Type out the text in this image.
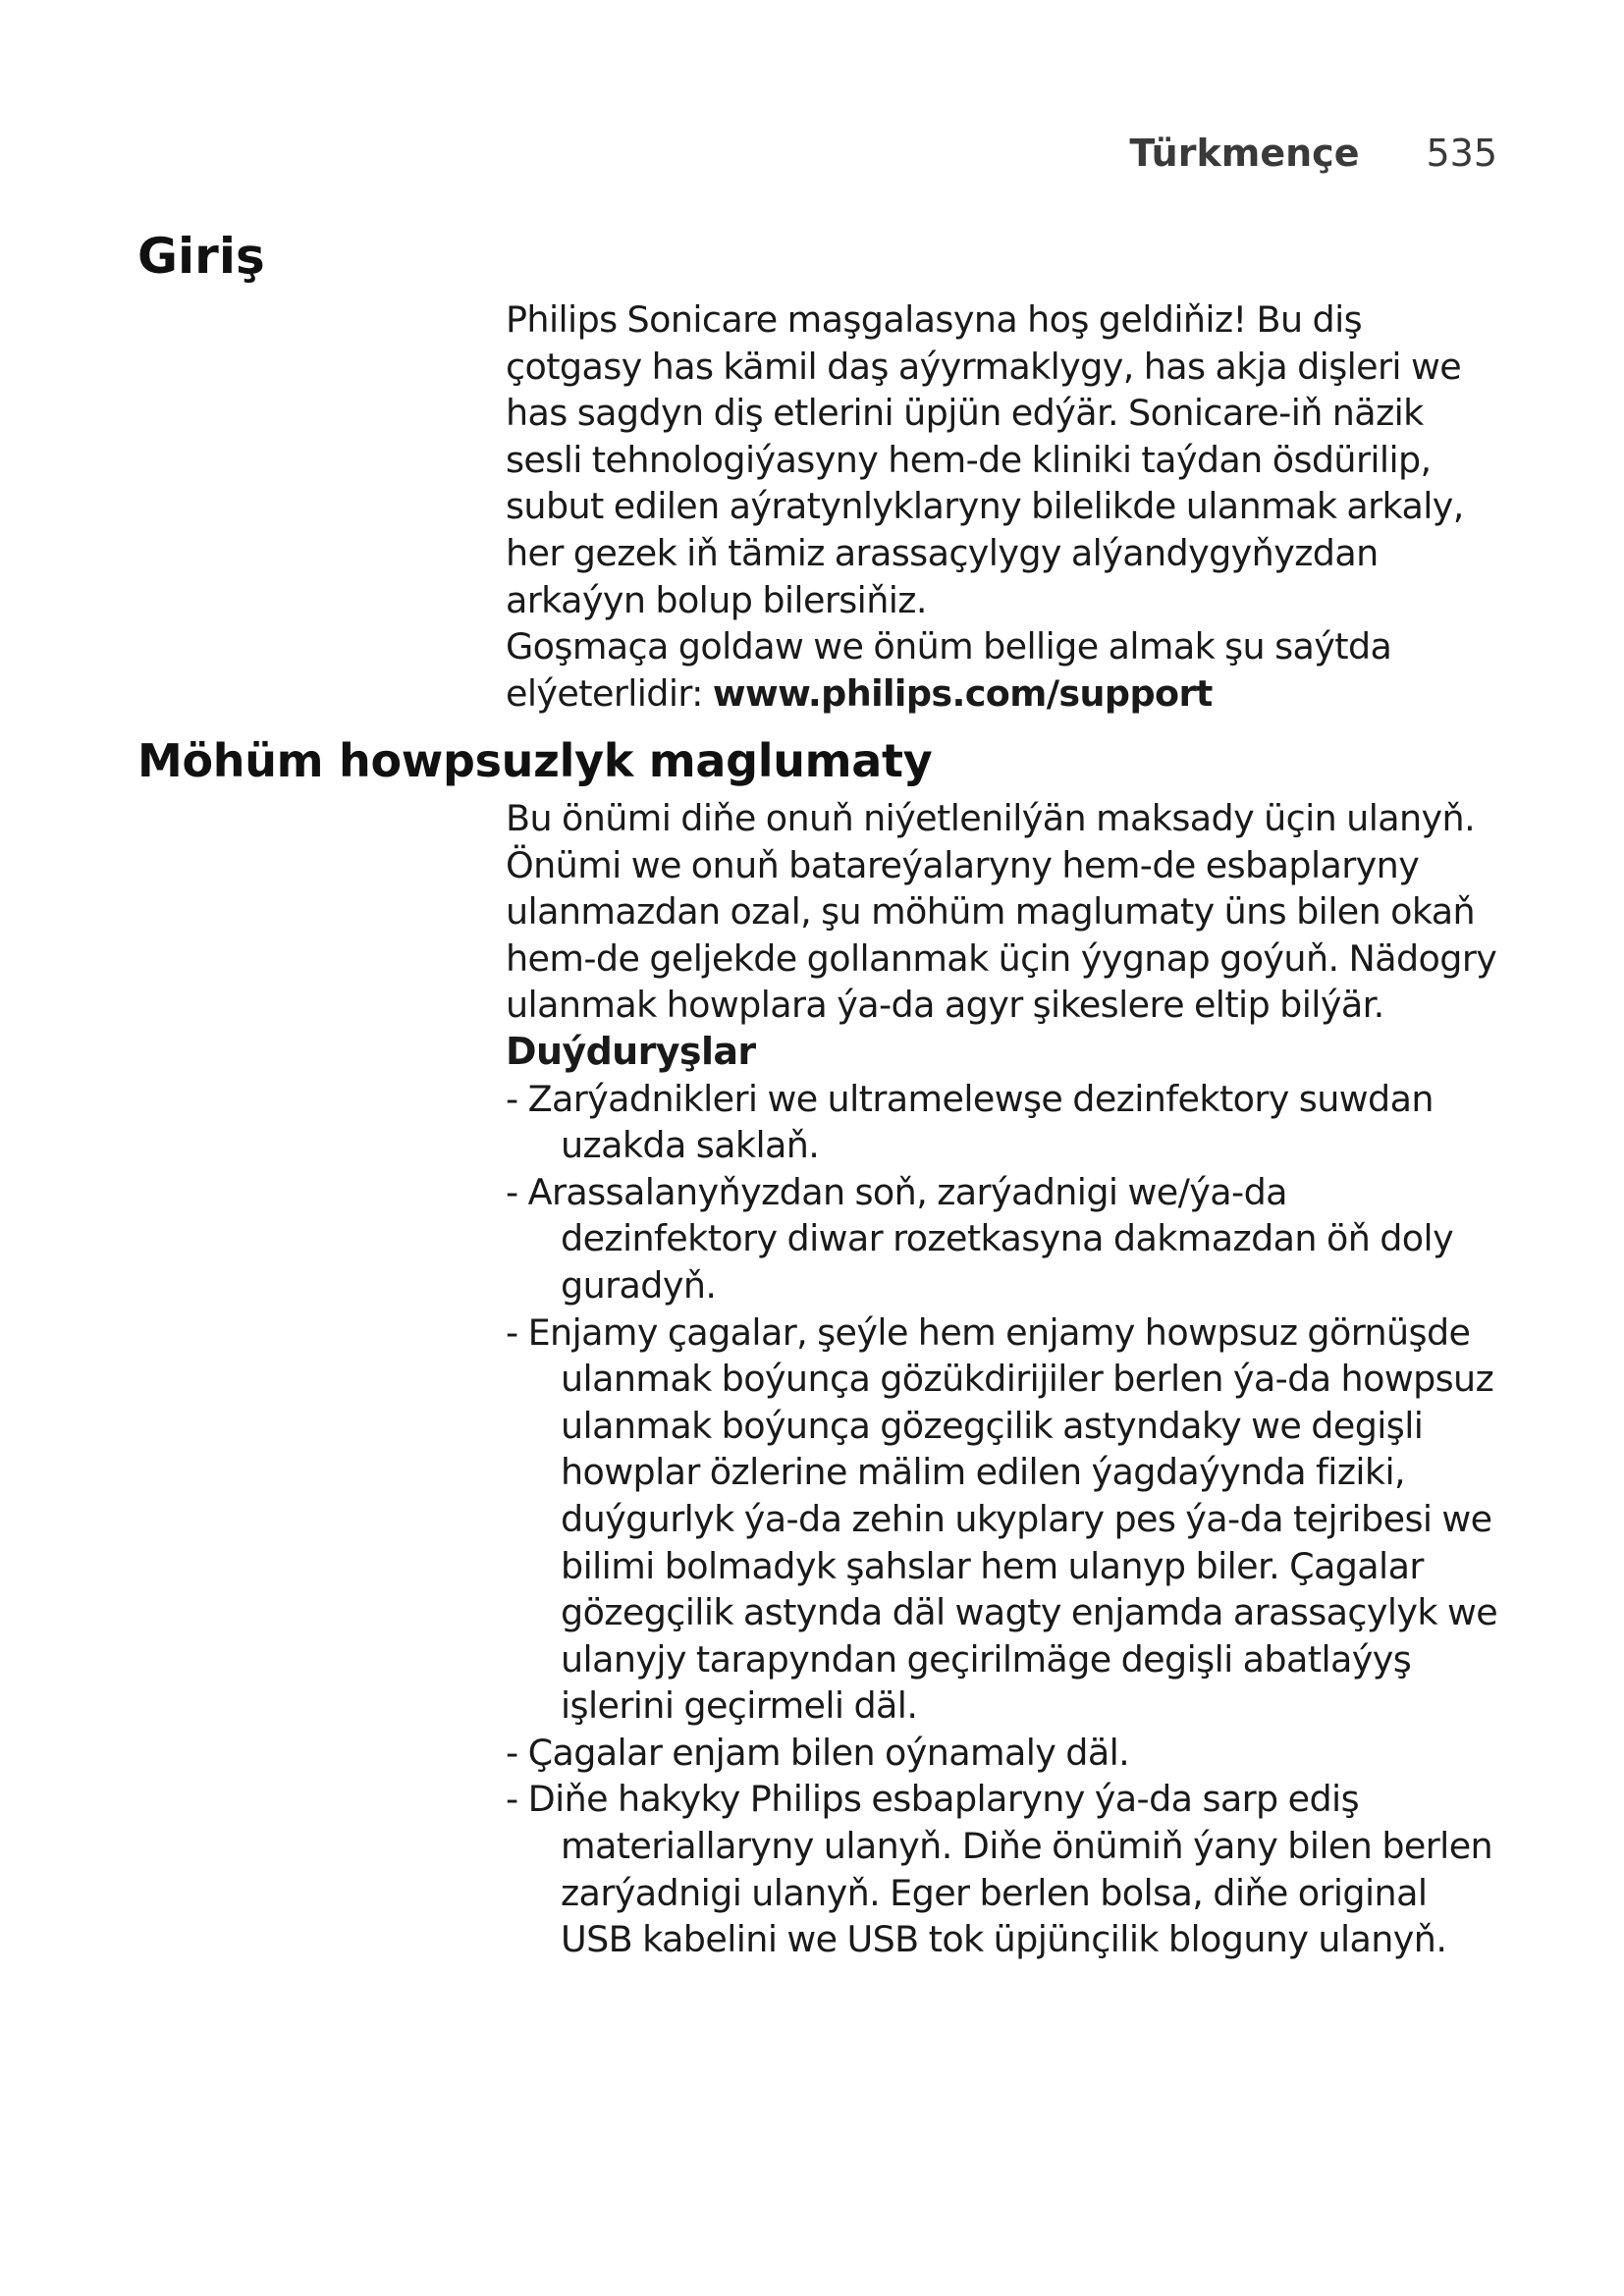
Türkmençe 535
Giriş

Philips Sonicare maşgalasyna hoş geldiňiz! Bu diş çotgasy has kämil daş aýyrmaklygy, has akja dişleri we has sagdyn diş etlerini üpjün edýär. Sonicare-iň näzik sesli tehnologiýasyny hem-de kliniki taýdan ösdürilip, subut edilen aýratynlyklaryny bilelikde ulanmak arkaly, her gezek iň tämiz arassaçylygy alýandygyňyzdan arkaýyn bolup bilersiňiz.

Goşmaça goldaw we önüm bellige almak şu saýtda elýeterlidir: www.philips.com/support

Möhüm howpsuzlyk maglumaty

Bu önümi diňe onuň niýetlenilýän maksady üçin ulanyň. Önümi we onuň batareýalaryny hem-de esbaplaryny ulanmazdan ozal, şu möhüm maglumaty üns bilen okaň hem-de geljekde gollanmak üçin ýygnap goýuň. Nädogry ulanmak howplara ýa-da agyr şikeslere eltip bilýär.

Duýduryşlar

- Zarýadnikleri we ultramelewşe dezinfektory suwdan uzakda saklaň.
- Arassalanyňyzdan soň, zarýadnigi we/ýa-da dezinfektory diwar rozetkasyna dakmazdan öň doly guradyň.
- Enjamy çagalar, şeýle hem enjamy howpsuz görnüşde ulanmak boýunça gözükdirijiler berlen ýa-da howpsuz ulanmak boýunça gözegçilik astyndaky we degişli howplar özlerine mälim edilen ýagdaýynda fiziki, duýgurlyk ýa-da zehin ukyplary pes ýa-da tejribesi we bilimi bolmadyk şahslar hem ulanyp biler. Çagalar gözegçilik astynda däl wagty enjamda arassaçylyk we ulanyjy tarapyndan geçirilmäge degişli abatlaýyş işlerini geçirmeli däl.
- Çagalar enjam bilen oýnamaly däl.
- Diňe hakyky Philips esbaplaryny ýa-da sarp ediş materiallaryny ulanyň. Diňe önümiň ýany bilen berlen zarýadnigi ulanyň. Eger berlen bolsa, diňe original USB kabelini we USB tok üpjünçilik bloguny ulanyň.
